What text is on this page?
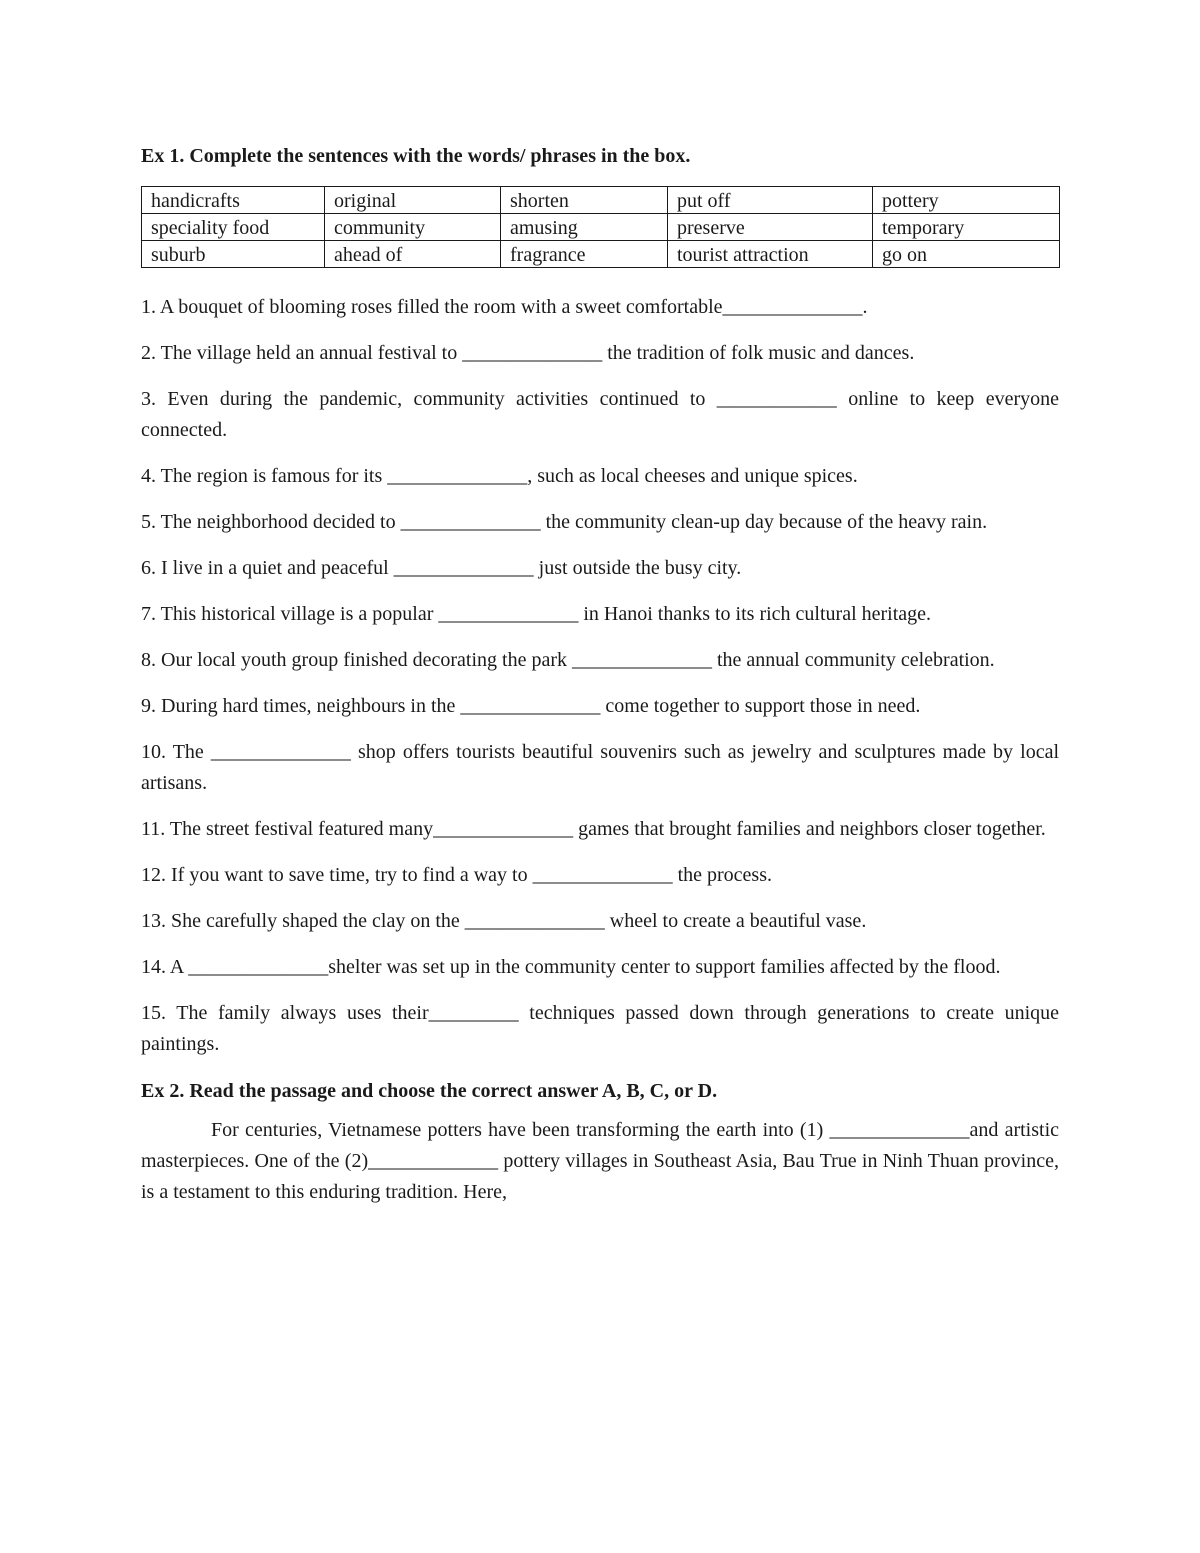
Ex 1. Complete the sentences with the words/ phrases in the box.

handicrafts	original	shorten	put off	pottery
speciality food	community	amusing	preserve	temporary
suburb	ahead of	fragrance	tourist attraction	go on

1. A bouquet of blooming roses filled the room with a sweet comfortable______________.

2. The village held an annual festival to ______________ the tradition of folk music and dances.

3. Even during the pandemic, community activities continued to ____________ online to keep everyone connected.

4. The region is famous for its ______________, such as local cheeses and unique spices.

5. The neighborhood decided to ______________ the community clean-up day because of the heavy rain.

6. I live in a quiet and peaceful ______________ just outside the busy city.

7. This historical village is a popular ______________ in Hanoi thanks to its rich cultural heritage.

8. Our local youth group finished decorating the park ______________ the annual community celebration.

9. During hard times, neighbours in the ______________ come together to support those in need.

10. The ______________ shop offers tourists beautiful souvenirs such as jewelry and sculptures made by local artisans.

11. The street festival featured many______________ games that brought families and neighbors closer together.

12. If you want to save time, try to find a way to ______________ the process.

13. She carefully shaped the clay on the ______________ wheel to create a beautiful vase.

14. A ______________shelter was set up in the community center to support families affected by the flood.

15. The family always uses their_________ techniques passed down through generations to create unique paintings.

Ex 2. Read the passage and choose the correct answer A, B, C, or D.

For centuries, Vietnamese potters have been transforming the earth into (1) ______________and artistic masterpieces. One of the (2)_____________ pottery villages in Southeast Asia, Bau True in Ninh Thuan province, is a testament to this enduring tradition. Here,
